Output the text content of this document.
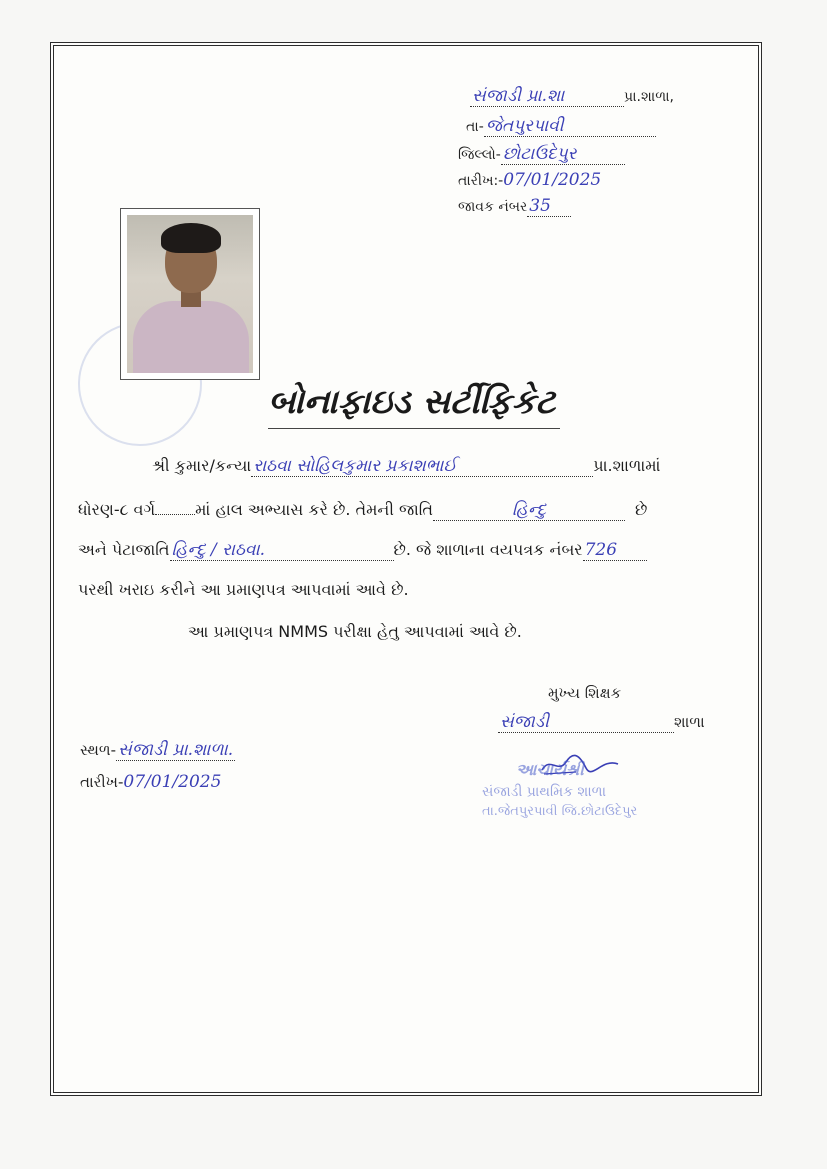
સંજાડી પ્રા.શા	પ્રા.શાળા,
તા- જેતપુરપાવી
જિલ્લો- છોટાઉદેપુર
તારીખ:-07/01/2025
જાવક નંબર 35
બોનાફાઇડ સર્ટીફિકેટ
શ્રી કુમાર/કન્યા રાઠવા સોહિલકુમાર પ્રકાશભાઈ	પ્રા.શાળામાં
ધોરણ-૮ વર્ગ	માં હાલ અભ્યાસ કરે છે. તેમની જાતિ	હિન્દુ	છે
અને પેટાજાતિ હિન્દુ / રાઠવા.	છે. જે શાળાના વયપત્રક નંબર 726
પરથી ખરાઇ કરીને આ પ્રમાણપત્ર આપવામાં આવે છે.
આ પ્રમાણપત્ર NMMS પરીક્ષા હેતુ આપવામાં આવે છે.
મુખ્ય શિક્ષક
સંજાડી	શાળા
સ્થળ- સંજાડી પ્રા.શાળા.
તારીખ-07/01/2025
આચાર્યશ્રી
સંજાડી પ્રાથમિક શાળા
તા.જેતપુરપાવી જિ.છોટાઉદેપુર
